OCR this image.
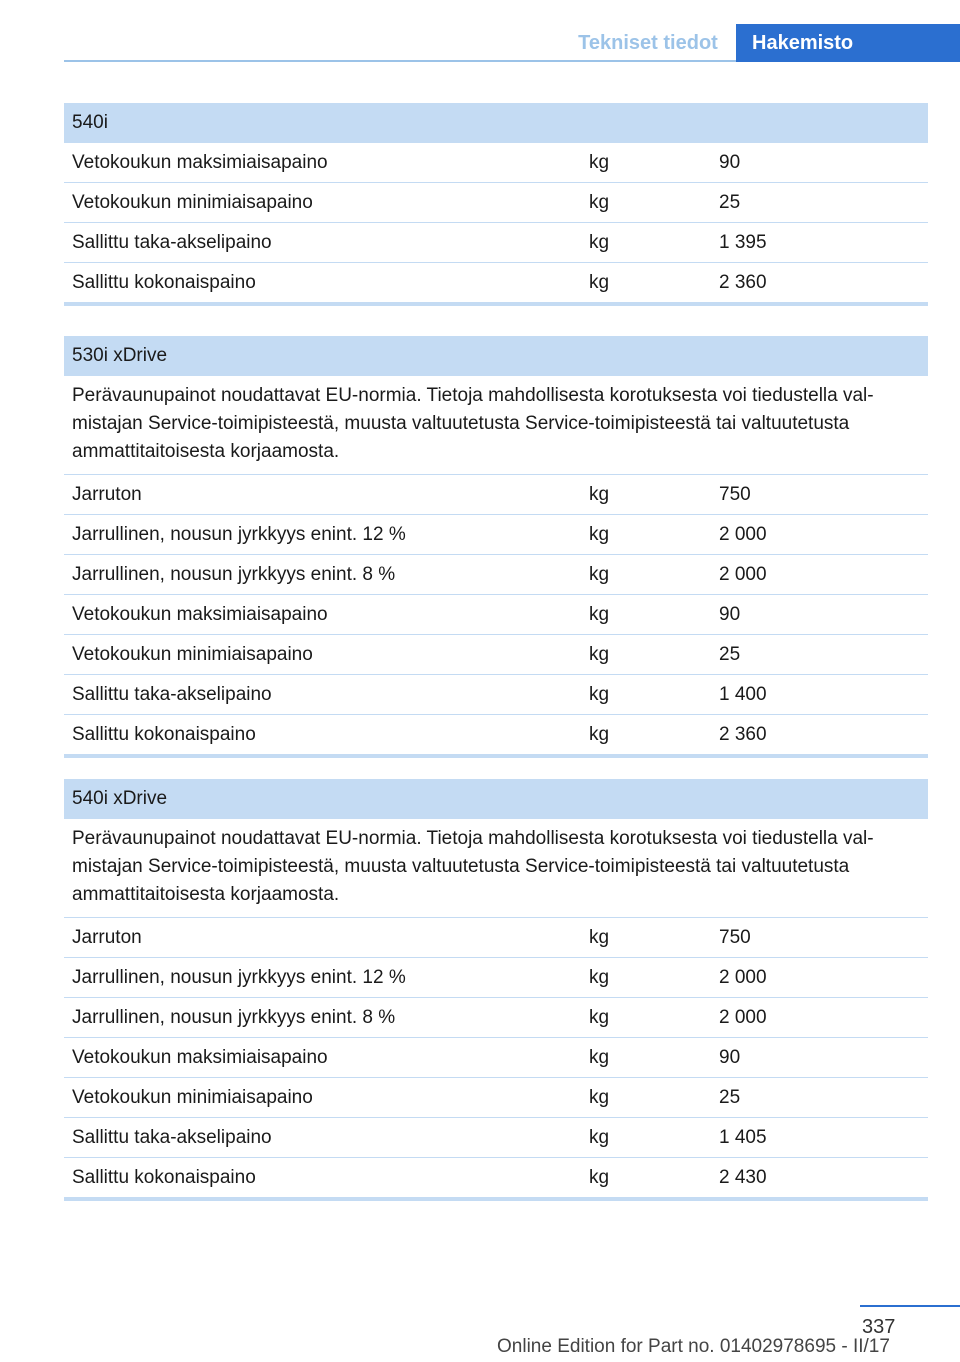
Tekniset tiedot	Hakemisto
540i
Vetokoukun maksimiaisapaino	kg	90
Vetokoukun minimiaisapaino	kg	25
Sallittu taka-akselipaino	kg	1 395
Sallittu kokonaispaino	kg	2 360
530i xDrive
Perävaunupainot noudattavat EU-normia. Tietoja mahdollisesta korotuksesta voi tiedustella val-mistajan Service-toimipisteestä, muusta valtuutetusta Service-toimipisteestä tai valtuutetusta ammattitaitoisesta korjaamosta.
Jarruton	kg	750
Jarrullinen, nousun jyrkkyys enint. 12 %	kg	2 000
Jarrullinen, nousun jyrkkyys enint. 8 %	kg	2 000
Vetokoukun maksimiaisapaino	kg	90
Vetokoukun minimiaisapaino	kg	25
Sallittu taka-akselipaino	kg	1 400
Sallittu kokonaispaino	kg	2 360
540i xDrive
Perävaunupainot noudattavat EU-normia. Tietoja mahdollisesta korotuksesta voi tiedustella val-mistajan Service-toimipisteestä, muusta valtuutetusta Service-toimipisteestä tai valtuutetusta ammattitaitoisesta korjaamosta.
Jarruton	kg	750
Jarrullinen, nousun jyrkkyys enint. 12 %	kg	2 000
Jarrullinen, nousun jyrkkyys enint. 8 %	kg	2 000
Vetokoukun maksimiaisapaino	kg	90
Vetokoukun minimiaisapaino	kg	25
Sallittu taka-akselipaino	kg	1 405
Sallittu kokonaispaino	kg	2 430
337
Online Edition for Part no. 01402978695 - II/17
